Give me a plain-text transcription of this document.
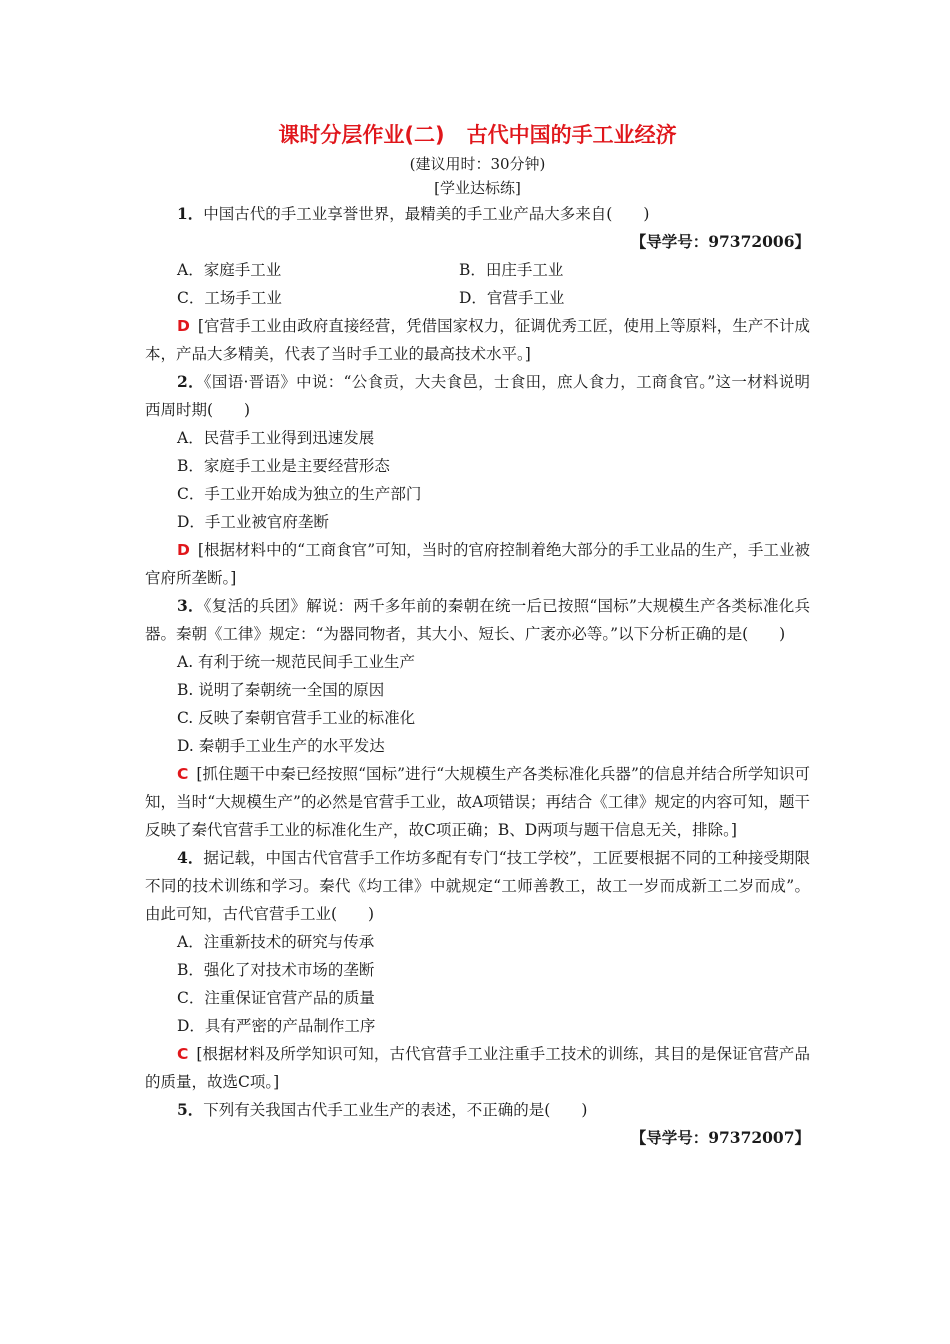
课时分层作业(二) 古代中国的手工业经济
(建议用时：30分钟)
[学业达标练]
1．中国古代的手工业享誉世界，最精美的手工业产品大多来自(　　)
【导学号：97372006】
A．家庭手工业	B．田庄手工业
C．工场手工业	D．官营手工业
D [官营手工业由政府直接经营，凭借国家权力，征调优秀工匠，使用上等原料，生产不计成本，产品大多精美，代表了当时手工业的最高技术水平。]
2．《国语·晋语》中说：“公食贡，大夫食邑，士食田，庶人食力，工商食官。”这一材料说明西周时期(　　)
A．民营手工业得到迅速发展
B．家庭手工业是主要经营形态
C．手工业开始成为独立的生产部门
D．手工业被官府垄断
D [根据材料中的“工商食官”可知，当时的官府控制着绝大部分的手工业品的生产，手工业被官府所垄断。]
3．《复活的兵团》解说：两千多年前的秦朝在统一后已按照“国标”大规模生产各类标准化兵器。秦朝《工律》规定：“为器同物者，其大小、短长、广袤亦必等。”以下分析正确的是(　　)
A. 有利于统一规范民间手工业生产
B. 说明了秦朝统一全国的原因
C. 反映了秦朝官营手工业的标准化
D. 秦朝手工业生产的水平发达
C [抓住题干中秦已经按照“国标”进行“大规模生产各类标准化兵器”的信息并结合所学知识可知，当时“大规模生产”的必然是官营手工业，故A项错误；再结合《工律》规定的内容可知，题干反映了秦代官营手工业的标准化生产，故C项正确；B、D两项与题干信息无关，排除。]
4．据记载，中国古代官营手工作坊多配有专门“技工学校”，工匠要根据不同的工种接受期限不同的技术训练和学习。秦代《均工律》中就规定“工师善教工，故工一岁而成新工二岁而成”。由此可知，古代官营手工业(　　)
A．注重新技术的研究与传承
B．强化了对技术市场的垄断
C．注重保证官营产品的质量
D．具有严密的产品制作工序
C [根据材料及所学知识可知，古代官营手工业注重手工技术的训练，其目的是保证官营产品的质量，故选C项。]
5．下列有关我国古代手工业生产的表述，不正确的是(　　)
【导学号：97372007】
